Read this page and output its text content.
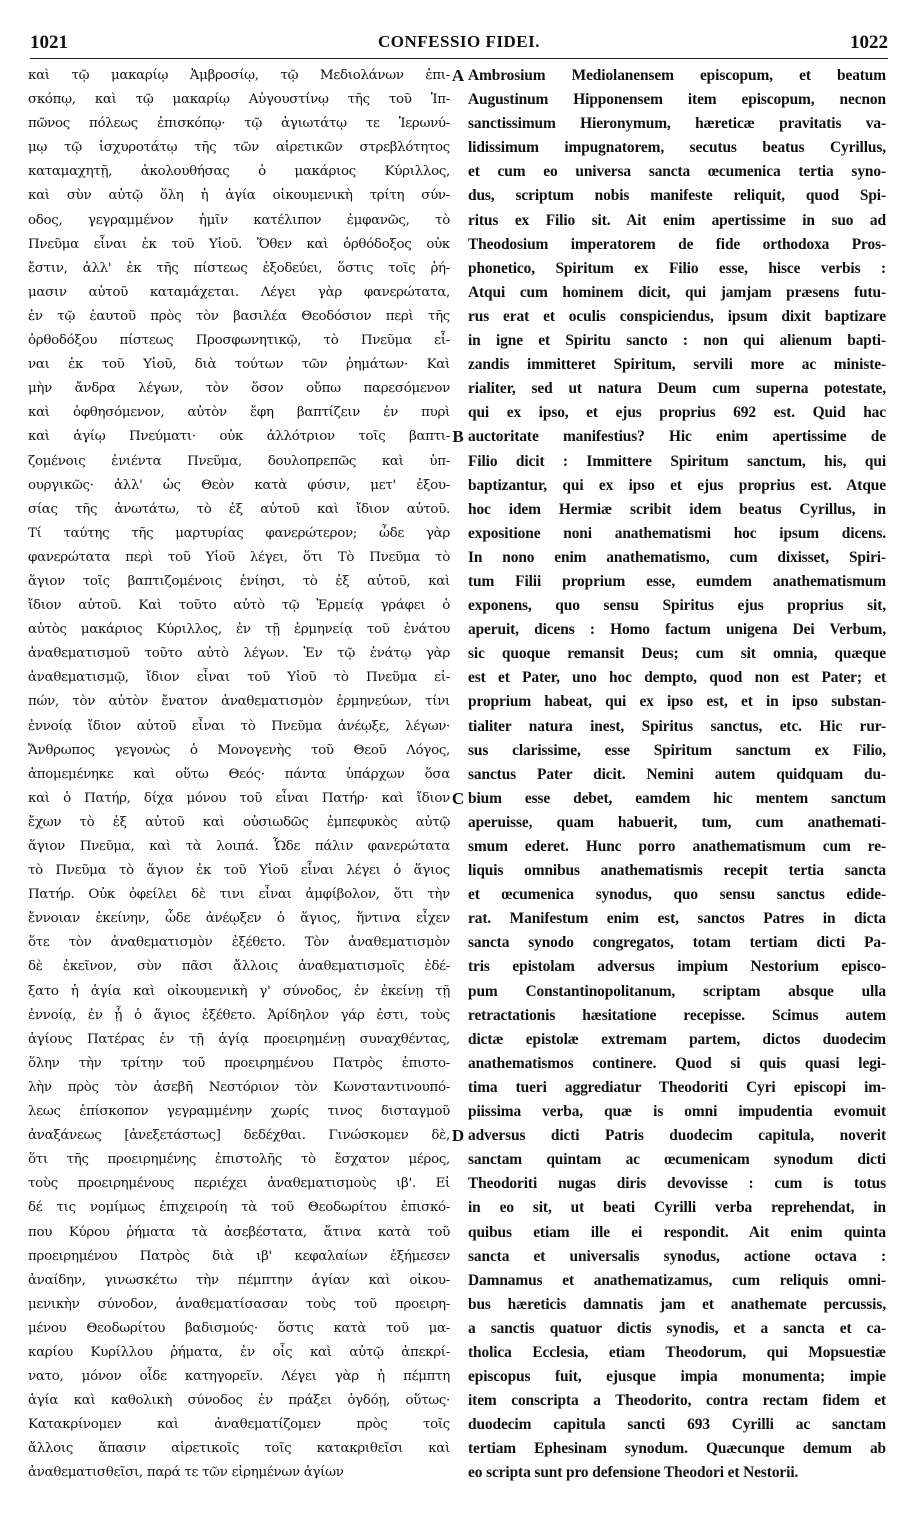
1021	CONFESSIO FIDEI.	1022
καὶ τῷ μακαρίῳ Ἀμβροσίῳ, τῷ Μεδιολάνων ἐπι-
σκόπῳ, καὶ τῷ μακαρίῳ Αὐγουστίνῳ τῆς τοῦ Ἱπ-
πῶνος πόλεως ἐπισκόπῳ· τῷ ἁγιωτάτῳ τε Ἱερωνύ-
μῳ τῷ ἰσχυροτάτῳ τῆς τῶν αἱρετικῶν στρεβλότητος
καταμαχητῇ, ἀκολουθήσας ὁ μακάριος Κύριλλος,
καὶ σὺν αὐτῷ ὅλη ἡ ἁγία οἰκουμενικὴ τρίτη σύν-
οδος, γεγραμμένον ἡμῖν κατέλιπον ἐμφανῶς, τὸ
Πνεῦμα εἶναι ἐκ τοῦ Υἱοῦ. Ὅθεν καὶ ὀρθόδοξος οὐκ
ἔστιν, ἀλλ' ἐκ τῆς πίστεως ἐξοδεύει, ὅστις τοῖς ῥή-
μασιν αὐτοῦ καταμάχεται. Λέγει γὰρ φανερώτατα,
ἐν τῷ ἑαυτοῦ πρὸς τὸν βασιλέα Θεοδόσιον περὶ τῆς
ὀρθοδόξου πίστεως Προσφωνητικῷ, τὸ Πνεῦμα εἶ-
ναι ἐκ τοῦ Υἱοῦ, διὰ τούτων τῶν ῥημάτων· Καὶ
μὴν ἄνδρα λέγων, τὸν ὅσον οὔπω παρεσόμενον
καὶ ὀφθησόμενον, αὐτὸν ἔφη βαπτίζειν ἐν πυρὶ
καὶ ἁγίῳ Πνεύματι· οὐκ ἀλλότριον τοῖς βαπτι-
ζομένοις ἐνιέντα Πνεῦμα, δουλοπρεπῶς καὶ ὑπ-
ουργικῶς· ἀλλ' ὡς Θεὸν κατὰ φύσιν, μετ' ἐξου-
σίας τῆς ἀνωτάτω, τὸ ἐξ αὐτοῦ καὶ ἴδιον αὐτοῦ.
Τί ταύτης τῆς μαρτυρίας φανερώτερον; ὧδε γὰρ
φανερώτατα περὶ τοῦ Υἱοῦ λέγει, ὅτι Τὸ Πνεῦμα τὸ
ἅγιον τοῖς βαπτιζομένοις ἐνίησι, τὸ ἐξ αὐτοῦ, καὶ
ἴδιον αὐτοῦ. Καὶ τοῦτο αὐτὸ τῷ Ἑρμείᾳ γράφει ὁ
αὐτὸς μακάριος Κύριλλος, ἐν τῇ ἑρμηνείᾳ τοῦ ἐνάτου
ἀναθεματισμοῦ τοῦτο αὐτὸ λέγων. Ἐν τῷ ἐνάτῳ γὰρ
ἀναθεματισμῷ, ἴδιον εἶναι τοῦ Υἱοῦ τὸ Πνεῦμα εἰ-
πών, τὸν αὐτὸν ἔνατον ἀναθεματισμὸν ἑρμηνεύων, τίνι
ἐννοίᾳ ἴδιον αὐτοῦ εἶναι τὸ Πνεῦμα ἀνέῳξε, λέγων·
Ἄνθρωπος γεγονὼς ὁ Μονογενὴς τοῦ Θεοῦ Λόγος,
ἀπομεμένηκε καὶ οὕτω Θεός· πάντα ὑπάρχων ὅσα
καὶ ὁ Πατήρ, δίχα μόνου τοῦ εἶναι Πατήρ· καὶ ἴδιον
ἔχων τὸ ἐξ αὐτοῦ καὶ οὐσιωδῶς ἐμπεφυκὸς αὐτῷ
ἅγιον Πνεῦμα, καὶ τὰ λοιπά. Ὧδε πάλιν φανερώτατα
τὸ Πνεῦμα τὸ ἅγιον ἐκ τοῦ Υἱοῦ εἶναι λέγει ὁ ἅγιος
Πατήρ. Οὐκ ὀφείλει δὲ τινι εἶναι ἀμφίβολον, ὅτι τὴν
ἔννοιαν ἐκείνην, ὧδε ἀνέῳξεν ὁ ἅγιος, ἥντινα εἶχεν
ὅτε τὸν ἀναθεματισμὸν ἐξέθετο. Τὸν ἀναθεματισμὸν
δὲ ἐκεῖνον, σὺν πᾶσι ἄλλοις ἀναθεματισμοῖς ἐδέ-
ξατο ἡ ἁγία καὶ οἰκουμενικὴ γ' σύνοδος, ἐν ἐκείνῃ τῇ
ἐννοίᾳ, ἐν ᾗ ὁ ἅγιος ἐξέθετο. Ἀρίδηλον γάρ ἐστι, τοὺς
ἁγίους Πατέρας ἐν τῇ ἁγίᾳ προειρημένῃ συναχθέντας,
ὅλην τὴν τρίτην τοῦ προειρημένου Πατρὸς ἐπιστο-
λὴν πρὸς τὸν ἀσεβῆ Νεστόριον τὸν Κωνσταντινουπό-
λεως ἐπίσκοπον γεγραμμένην χωρίς τινος δισταγμοῦ
ἀναξάνεως [ἀνεξετάστως] δεδέχθαι. Γινώσκομεν δὲ,
ὅτι τῆς προειρημένης ἐπιστολῆς τὸ ἔσχατον μέρος,
τοὺς προειρημένους περιέχει ἀναθεματισμοὺς ιβ'. Εἰ
δέ τις νομίμως ἐπιχειροίη τὰ τοῦ Θεοδωρίτου ἐπισκό-
που Κύρου ῥήματα τὰ ἀσεβέστατα, ἅτινα κατὰ τοῦ
προειρημένου Πατρὸς διὰ ιβ' κεφαλαίων ἐξήμεσεν
ἀναίδην, γινωσκέτω τὴν πέμπτην ἁγίαν καὶ οἰκου-
μενικὴν σύνοδον, ἀναθεματίσασαν τοὺς τοῦ προειρη-
μένου Θεοδωρίτου βαδισμούς· ὅστις κατὰ τοῦ μα-
καρίου Κυρίλλου ῥήματα, ἐν οἷς καὶ αὐτῷ ἀπεκρί-
νατο, μόνον οἶδε κατηγορεῖν. Λέγει γὰρ ἡ πέμπτη
ἁγία καὶ καθολικὴ σύνοδος ἐν πράξει ὀγδόῃ, οὕτως·
Κατακρίνομεν καὶ ἀναθεματίζομεν πρὸς τοῖς
ἄλλοις ἅπασιν αἱρετικοῖς τοῖς κατακριθεῖσι καὶ
ἀναθεματισθεῖσι, παρά τε τῶν εἰρημένων ἁγίων
Ambrosium Mediolanensem episcopum, et beatum
Augustinum Hipponensem item episcopum, necnon
sanctissimum Hieronymum, hæreticæ pravitatis va-
lidissimum impugnatorem, secutus beatus Cyrillus,
et cum eo universa sancta œcumenica tertia syno-
dus, scriptum nobis manifeste reliquit, quod Spi-
ritus ex Filio sit. Ait enim apertissime in suo ad
Theodosium imperatorem de fide orthodoxa Pros-
phonetico, Spiritum ex Filio esse, hisce verbis :
Atqui cum hominem dicit, qui jamjam præsens futu-
rus erat et oculis conspiciendus, ipsum dixit baptizare
in igne et Spiritu sancto : non qui alienum bapti-
zandis immitteret Spiritum, servili more ac ministe-
rialiter, sed ut natura Deum cum superna potestate,
qui ex ipso, et ejus proprius 692 est. Quid hac
auctoritate manifestius? Hic enim apertissime de
Filio dicit : Immittere Spiritum sanctum, his, qui
baptizantur, qui ex ipso et ejus proprius est. Atque
hoc idem Hermiæ scribit idem beatus Cyrillus, in
expositione noni anathematismi hoc ipsum dicens.
In nono enim anathematismo, cum dixisset, Spiri-
tum Filii proprium esse, eumdem anathematismum
exponens, quo sensu Spiritus ejus proprius sit,
aperuit, dicens : Homo factum unigena Dei Verbum,
sic quoque remansit Deus; cum sit omnia, quæque
est et Pater, uno hoc dempto, quod non est Pater; et
proprium habeat, qui ex ipso est, et in ipso substan-
tialiter natura inest, Spiritus sanctus, etc. Hic rur-
sus clarissime, esse Spiritum sanctum ex Filio,
sanctus Pater dicit. Nemini autem quidquam du-
bium esse debet, eamdem hic mentem sanctum
aperuisse, quam habuerit, tum, cum anathemati-
smum ederet. Hunc porro anathematismum cum re-
liquis omnibus anathematismis recepit tertia sancta
et œcumenica synodus, quo sensu sanctus edide-
rat. Manifestum enim est, sanctos Patres in dicta
sancta synodo congregatos, totam tertiam dicti Pa-
tris epistolam adversus impium Nestorium episco-
pum Constantinopolitanum, scriptam absque ulla
retractationis hæsitatione recepisse. Scimus autem
dictæ epistolæ extremam partem, dictos duodecim
anathematismos continere. Quod si quis quasi legi-
tima tueri aggrediatur Theodoriti Cyri episcopi im-
piissima verba, quæ is omni impudentia evomuit
adversus dicti Patris duodecim capitula, noverit
sanctam quintam ac œcumenicam synodum dicti
Theodoriti nugas diris devovisse : cum is totus
in eo sit, ut beati Cyrilli verba reprehendat, in
quibus etiam ille ei respondit. Ait enim quinta
sancta et universalis synodus, actione octava :
Damnamus et anathematizamus, cum reliquis omni-
bus hæreticis damnatis jam et anathemate percussis,
a sanctis quatuor dictis synodis, et a sancta et ca-
tholica Ecclesia, etiam Theodorum, qui Mopsuestiæ
episcopus fuit, ejusque impia monumenta; impie
item conscripta a Theodorito, contra rectam fidem et
duodecim capitula sancti 693 Cyrilli ac sanctam
tertiam Ephesinam synodum. Quæcunque demum ab
eo scripta sunt pro defensione Theodori et Nestorii.
A
B
C
D
